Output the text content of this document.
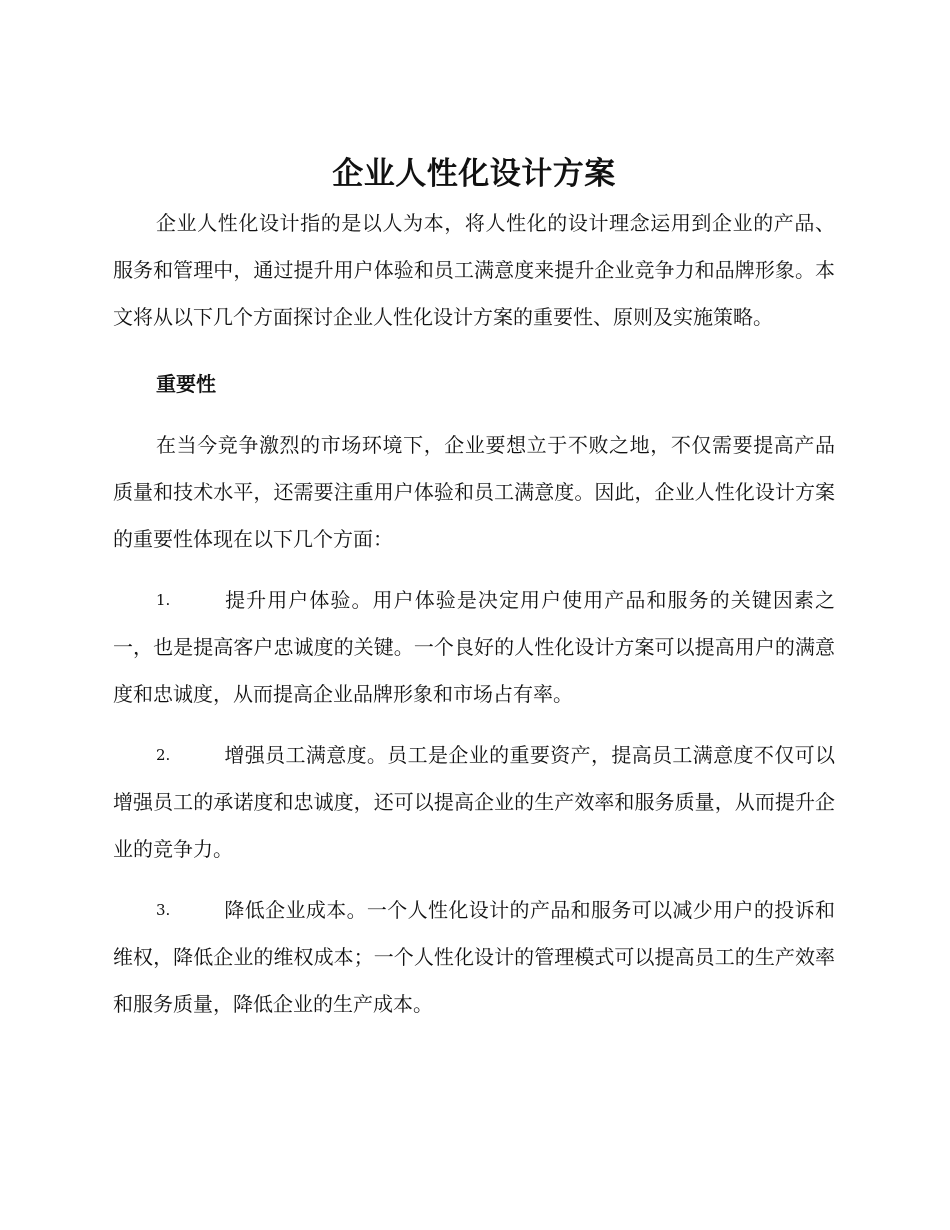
企业人性化设计方案

企业人性化设计指的是以人为本，将人性化的设计理念运用到企业的产品、服务和管理中，通过提升用户体验和员工满意度来提升企业竞争力和品牌形象。本文将从以下几个方面探讨企业人性化设计方案的重要性、原则及实施策略。

重要性

在当今竞争激烈的市场环境下，企业要想立于不败之地，不仅需要提高产品质量和技术水平，还需要注重用户体验和员工满意度。因此，企业人性化设计方案的重要性体现在以下几个方面：

1.	提升用户体验。用户体验是决定用户使用产品和服务的关键因素之一，也是提高客户忠诚度的关键。一个良好的人性化设计方案可以提高用户的满意度和忠诚度，从而提高企业品牌形象和市场占有率。

2.	增强员工满意度。员工是企业的重要资产，提高员工满意度不仅可以增强员工的承诺度和忠诚度，还可以提高企业的生产效率和服务质量，从而提升企业的竞争力。

3.	降低企业成本。一个人性化设计的产品和服务可以减少用户的投诉和维权，降低企业的维权成本；一个人性化设计的管理模式可以提高员工的生产效率和服务质量，降低企业的生产成本。
